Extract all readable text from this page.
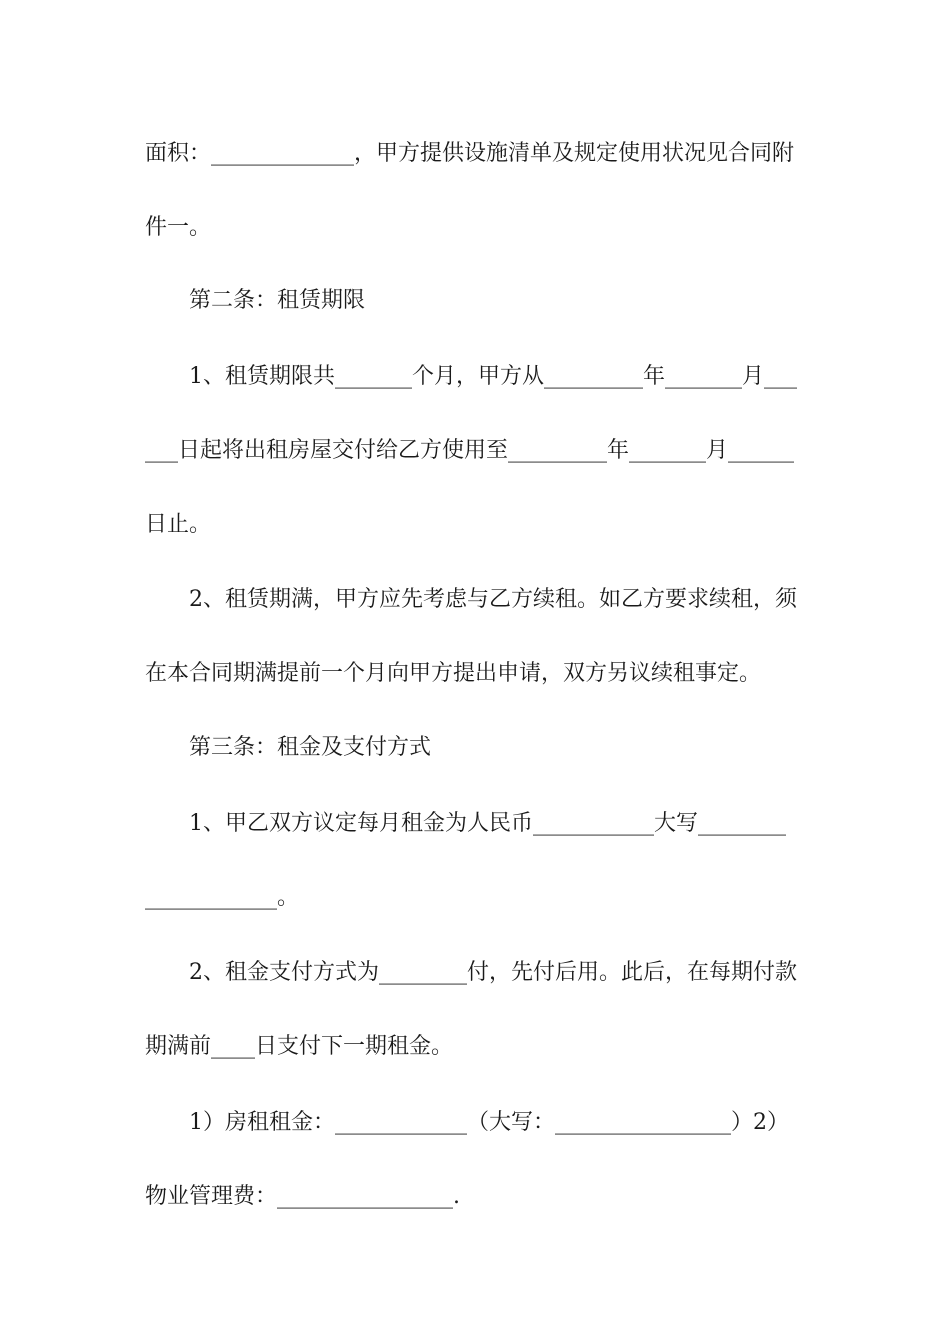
面积：_____________，甲方提供设施清单及规定使用状况见合同附
件一。
第二条：租赁期限
1、租赁期限共_______个月，甲方从_________年_______月___
___日起将出租房屋交付给乙方使用至_________年_______月______
日止。
2、租赁期满，甲方应先考虑与乙方续租。如乙方要求续租，须
在本合同期满提前一个月向甲方提出申请，双方另议续租事定。
第三条：租金及支付方式
1、甲乙双方议定每月租金为人民币___________大写________
____________。
2、租金支付方式为________付，先付后用。此后，在每期付款
期满前____日支付下一期租金。
1）房租租金：____________（大写：________________）2）
物业管理费：________________.
